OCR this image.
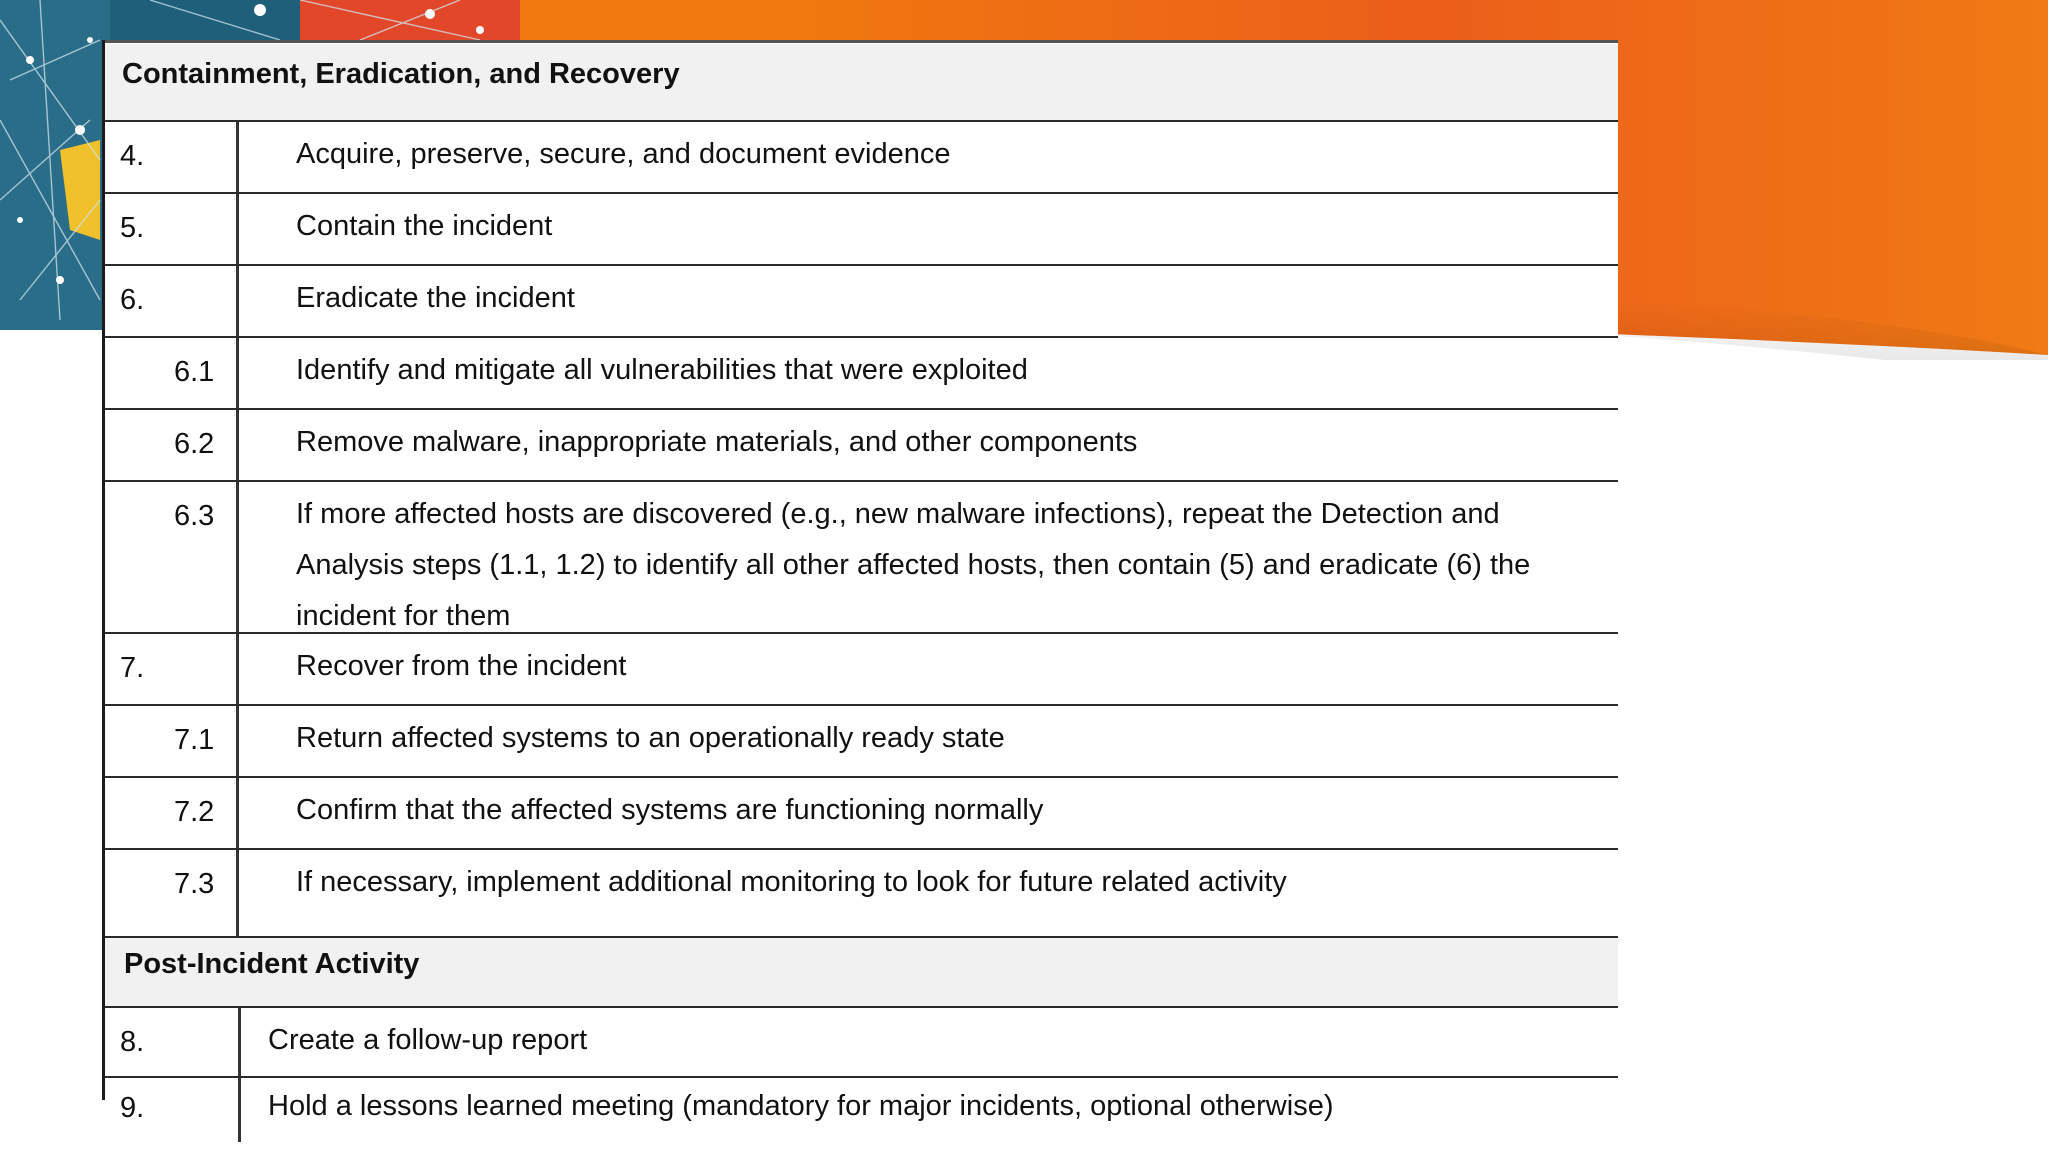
Containment, Eradication, and Recovery
4.	Acquire, preserve, secure, and document evidence
5.	Contain the incident
6.	Eradicate the incident
6.1	Identify and mitigate all vulnerabilities that were exploited
6.2	Remove malware, inappropriate materials, and other components
6.3	If more affected hosts are discovered (e.g., new malware infections), repeat the Detection and Analysis steps (1.1, 1.2) to identify all other affected hosts, then contain (5) and eradicate (6) the incident for them
7.	Recover from the incident
7.1	Return affected systems to an operationally ready state
7.2	Confirm that the affected systems are functioning normally
7.3	If necessary, implement additional monitoring to look for future related activity
Post-Incident Activity
8.	Create a follow-up report
9.	Hold a lessons learned meeting (mandatory for major incidents, optional otherwise)
